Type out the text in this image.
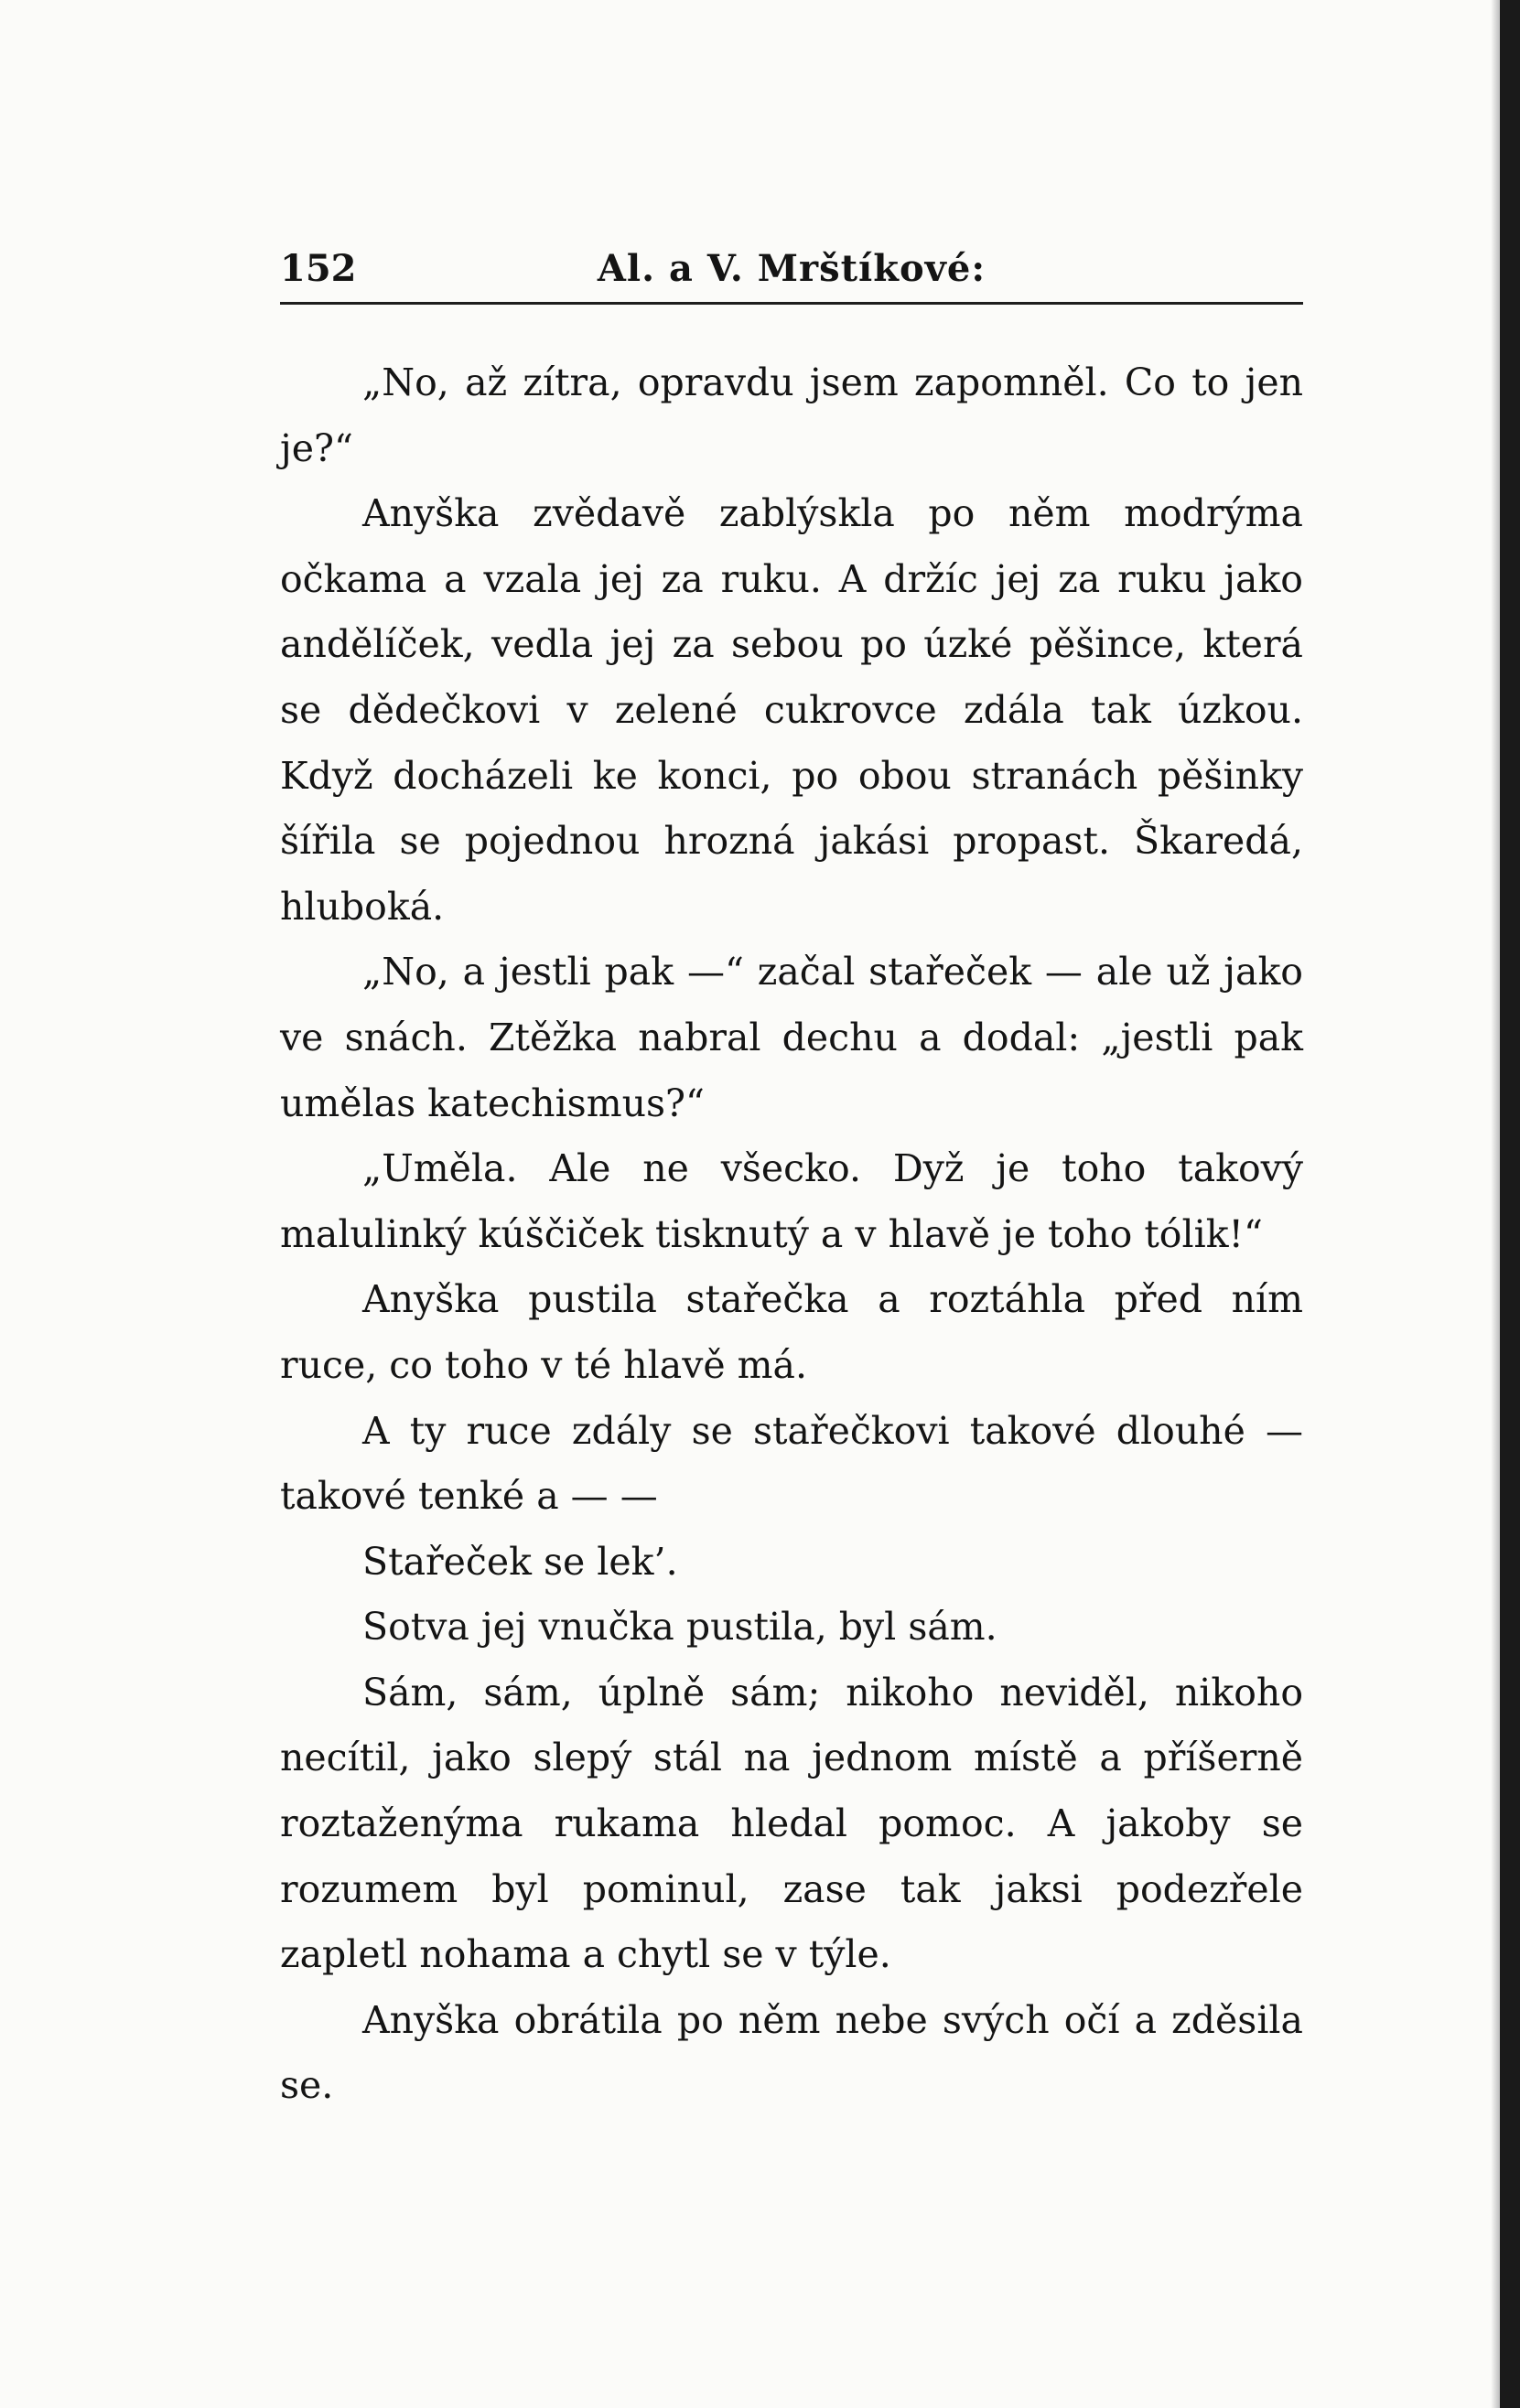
152	Al. a V. Mrštíkové:

„No, až zítra, opravdu jsem zapomněl. Co to jen je?“

Anyška zvědavě zablýskla po něm modrýma očkama a vzala jej za ruku. A držíc jej za ruku jako andělíček, vedla jej za sebou po úzké pěšince, která se dědečkovi v zelené cukrovce zdála tak úzkou. Když docházeli ke konci, po obou stranách pěšinky šířila se pojednou hrozná jakási propast. Škaredá, hluboká.

„No, a jestli pak —“ začal stařeček — ale už jako ve snách. Ztěžka nabral dechu a dodal: „jestli pak umělas katechismus?“

„Uměla. Ale ne všecko. Dyž je toho takový malulinký kúščiček tisknutý a v hlavě je toho tólik!“

Anyška pustila stařečka a roztáhla před ním ruce, co toho v té hlavě má.

A ty ruce zdály se stařečkovi takové dlouhé — takové tenké a — —

Stařeček se lek’.

Sotva jej vnučka pustila, byl sám.

Sám, sám, úplně sám; nikoho neviděl, nikoho necítil, jako slepý stál na jednom místě a příšerně roztaženýma rukama hledal pomoc. A jakoby se rozumem byl pominul, zase tak jaksi podezřele zapletl nohama a chytl se v týle.

Anyška obrátila po něm nebe svých očí a zděsila se.
